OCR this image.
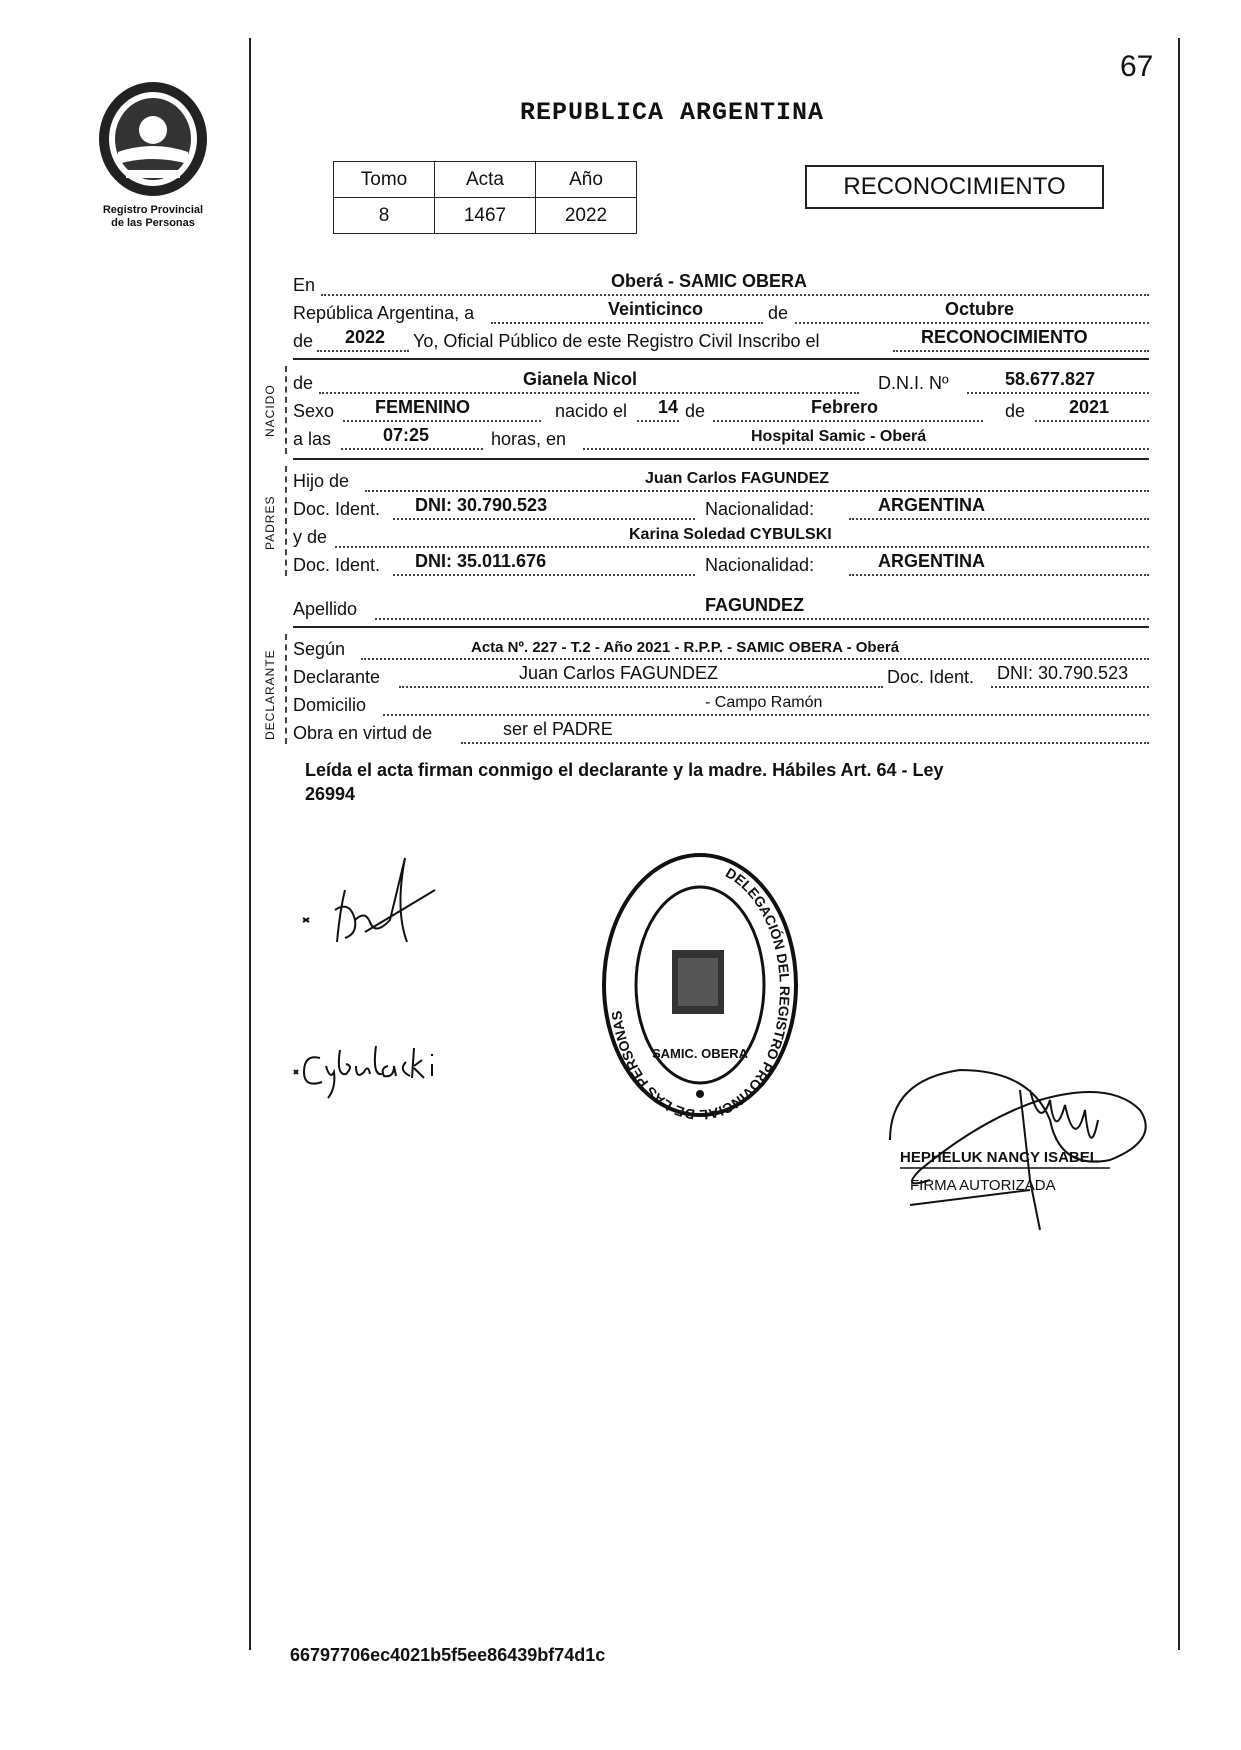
67
Registro Provincial
de las Personas
REPUBLICA ARGENTINA
Tomo	Acta	Año
8	1467	2022
RECONOCIMIENTO
En	Oberá - SAMIC OBERA
República Argentina, a	Veinticinco	de	Octubre
de 2022 Yo, Oficial Público de este Registro Civil Inscribo el	RECONOCIMIENTO
NACIDO
de	Gianela Nicol	D.N.I. Nº	58.677.827
Sexo FEMENINO	nacido el 14 de	Febrero	de 2021
a las	07:25	horas, en	Hospital Samic - Oberá
PADRES
Hijo de	Juan Carlos FAGUNDEZ
Doc. Ident. DNI: 30.790.523	Nacionalidad:	ARGENTINA
y de	Karina Soledad CYBULSKI
Doc. Ident. DNI: 35.011.676	Nacionalidad:	ARGENTINA
Apellido	FAGUNDEZ
DECLARANTE
Según	Acta Nº. 227 - T.2 - Año 2021 - R.P.P. - SAMIC OBERA - Oberá
Declarante	Juan Carlos FAGUNDEZ	Doc. Ident. DNI: 30.790.523
Domicilio	- Campo Ramón
Obra en virtud de	ser el PADRE
Leída el acta firman conmigo el declarante y la madre. Hábiles Art. 64 - Ley
26994
DELEGACIÓN DEL REGISTRO PROVINCIAL DE LAS PERSONAS
SAMIC. OBERA
HEPHELUK NANCY ISABEL
FIRMA AUTORIZADA
66797706ec4021b5f5ee86439bf74d1c
